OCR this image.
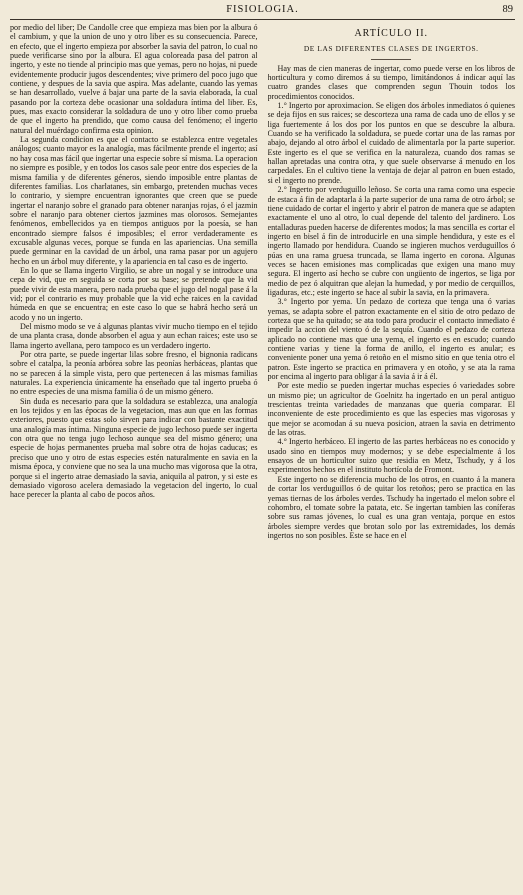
FISIOLOGIA.	89

por medio del liber; De Candolle cree que empieza mas bien por la albura ó el cambium, y que la union de uno y otro liber es su consecuencia. Parece, en efecto, que el ingerto empieza por absorber la savia del patron, lo cual no puede verificarse sino por la albura. El agua coloreada pasa del patron al ingerto, y este no tiende al principio mas que yemas, pero no hojas, ni puede evidentemente producir jugos descendentes; vive primero del poco jugo que contiene, y despues de la savia que aspira. Mas adelante, cuando las yemas se han desarrollado, vuelve á bajar una parte de la savia elaborada, la cual pasando por la corteza debe ocasionar una soldadura íntima del liber. Es, pues, mas exacto considerar la soldadura de uno y otro liber como prueba de que el ingerto ha prendido, que como causa del fenómeno; el ingerto natural del muérdago confirma esta opinion.

La segunda condicion es que el contacto se establezca entre vegetales análogos; cuanto mayor es la analogía, mas fácilmente prende el ingerto; así no hay cosa mas fácil que ingertar una especie sobre sí misma. La operacion no siempre es posible, y en todos los casos sale peor entre dos especies de la misma familia y de diferentes géneros, siendo imposible entre plantas de diferentes familias. Los charlatanes, sin embargo, pretenden muchas veces lo contrario, y siempre encuentran ignorantes que creen que se puede ingertar el naranjo sobre el granado para obtener naranjas rojas, ó el jazmin sobre el naranjo para obtener ciertos jazmines mas olorosos. Semejantes fenómenos, embellecidos ya en tiempos antiguos por la poesía, se han encontrado siempre falsos é imposibles; el error verdaderamente es excusable algunas veces, porque se funda en las apariencias. Una semilla puede germinar en la cavidad de un árbol, una rama pasar por un agujero hecho en un árbol muy diferente, y la apariencia en tal caso es de ingerto.

En lo que se llama ingerto Virgilio, se abre un nogal y se introduce una cepa de vid, que en seguida se corta por su base; se pretende que la vid puede vivir de esta manera, pero nada prueba que el jugo del nogal pase á la vid; por el contrario es muy probable que la vid eche raices en la cavidad húmeda en que se encuentra; en este caso lo que se habrá hecho será un acodo y no un ingerto.

Del mismo modo se ve á algunas plantas vivir mucho tiempo en el tejido de una planta crasa, donde absorben el agua y aun echan raices; este uso se llama ingerto avellana, pero tampoco es un verdadero ingerto.

Por otra parte, se puede ingertar lilas sobre fresno, el bignonia radicans sobre el catalpa, la peonía arbórea sobre las peonías herbáceas, plantas que no se parecen á la simple vista, pero que pertenecen á las mismas familias naturales. La experiencia únicamente ha enseñado que tal ingerto prueba ó no entre especies de una misma familia ó de un mismo género.

Sin duda es necesario para que la soldadura se establezca, una analogía en los tejidos y en las épocas de la vegetacion, mas aun que en las formas exteriores, puesto que estas solo sirven para indicar con bastante exactitud una analogía mas íntima. Ninguna especie de jugo lechoso puede ser ingerta con otra que no tenga jugo lechoso aunque sea del mismo género; una especie de hojas permanentes prueba mal sobre otra de hojas caducas; es preciso que uno y otro de estas especies estén naturalmente en savia en la misma época, y conviene que no sea la una mucho mas vigorosa que la otra, porque si el ingerto atrae demasiado la savia, aniquila al patron, y si este es demasiado vigoroso acelera demasiado la vegetacion del ingerto, lo cual hace perecer la planta al cabo de pocos años.

ARTÍCULO II.
DE LAS DIFERENTES CLASES DE INGERTOS.

Hay mas de cien maneras de ingertar, como puede verse en los libros de horticultura y como diremos á su tiempo, limitándonos á indicar aquí las cuatro grandes clases que comprenden segun Thouin todos los procedimientos conocidos.

1.° Ingerto por aproximacion. Se eligen dos árboles inmediatos ó quienes se deja fijos en sus raices; se descorteza una rama de cada uno de ellos y se liga fuertemente á los dos por los puntos en que se descubre la albura. Cuando se ha verificado la soldadura, se puede cortar una de las ramas por abajo, dejando al otro árbol el cuidado de alimentarla por la parte superior. Este ingerto es el que se verifica en la naturaleza, cuando dos ramas se hallan apretadas una contra otra, y que suele observarse á menudo en los carpedales. En el cultivo tiene la ventaja de dejar al patron en buen estado, si el ingerto no prende.

2.° Ingerto por verduguillo leñoso. Se corta una rama como una especie de estaca á fin de adaptarla á la parte superior de una rama de otro árbol; se tiene cuidado de cortar el ingerto y abrir el patron de manera que se adapten exactamente el uno al otro, lo cual depende del talento del jardinero. Los entalladuras pueden hacerse de diferentes modos; la mas sencilla es cortar el ingerto en bisel á fin de introducirle en una simple hendidura, y este es el ingerto llamado por hendidura. Cuando se ingieren muchos verduguillos ó púas en una rama gruesa truncada, se llama ingerto en corona. Algunas veces se hacen emisiones mas complicadas que exigen una mano muy segura. El ingerto así hecho se cubre con ungüento de ingertos, se liga por medio de pez ó alquitran que alejan la humedad, y por medio de cerquillos, ligaduras, etc.; este ingerto se hace al subir la savia, en la primavera.

3.° Ingerto por yema. Un pedazo de corteza que tenga una ó varias yemas, se adapta sobre el patron exactamente en el sitio de otro pedazo de corteza que se ha quitado; se ata todo para producir el contacto inmediato é impedir la accion del viento ó de la sequía. Cuando el pedazo de corteza aplicado no contiene mas que una yema, el ingerto es en escudo; cuando contiene varias y tiene la forma de anillo, el ingerto es anular; es conveniente poner una yema ó retoño en el mismo sitio en que tenia otro el patron. Este ingerto se practica en primavera y en otoño, y se ata la rama por encima al ingerto para obligar á la savia á ir á él.

Por este medio se pueden ingertar muchas especies ó variedades sobre un mismo pie; un agricultor de Goelnitz ha ingertado en un peral antiguo trescientas treinta variedades de manzanas que queria comparar. El inconveniente de este procedimiento es que las especies mas vigorosas y que mejor se acomodan á su nueva posicion, atraen la savia en detrimento de las otras.

4.° Ingerto herbáceo. El ingerto de las partes herbáceas no es conocido y usado sino en tiempos muy modernos; y se debe especialmente á los ensayos de un horticultor suizo que residia en Metz, Tschudy, y á los experimentos hechos en el instituto hortícola de Fromont.

Este ingerto no se diferencia mucho de los otros, en cuanto á la manera de cortar los verduguillos ó de quitar los retoños; pero se practica en las yemas tiernas de los árboles verdes. Tschudy ha ingertado el melon sobre el cohombro, el tomate sobre la patata, etc. Se ingertan tambien las coníferas sobre sus ramas jóvenes, lo cual es una gran ventaja, porque en estos árboles siempre verdes que brotan solo por las extremidades, los demás ingertos no son posibles. Este se hace en el
